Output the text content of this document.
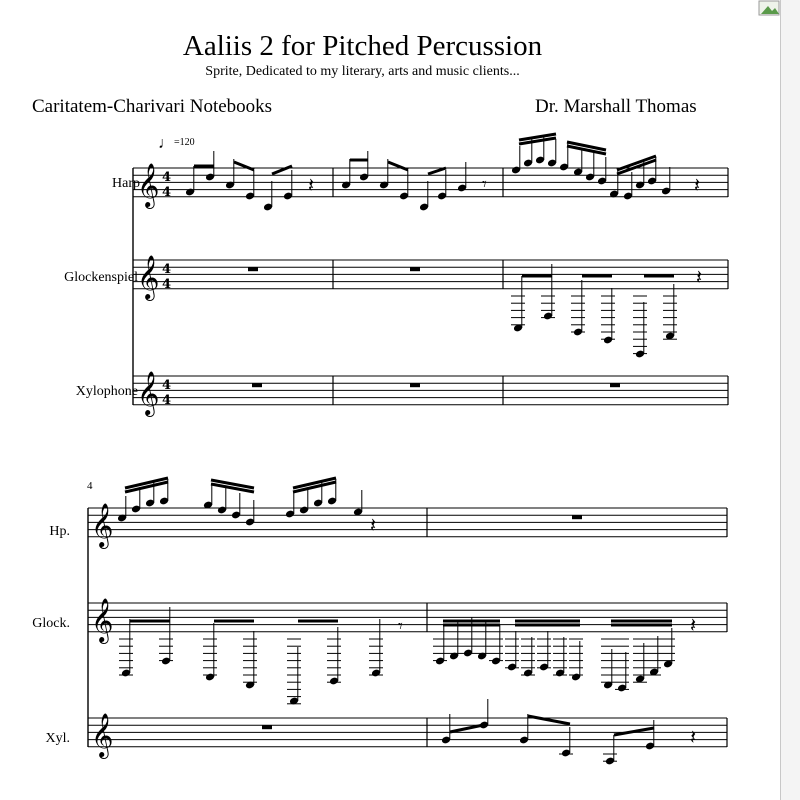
Aaliis 2 for Pitched Percussion
Sprite, Dedicated to my literary, arts and music clients...
Caritatem-Charivari Notebooks	Dr. Marshall Thomas
♩=120
Harp
Glockenspiel
Xylophone
4
Hp.
Glock.
Xyl.
𝄞 4
4
𝄞 4
4
𝄞 4
4
𝄞
𝄞
𝄞
𝄽	𝄾	𝄽
𝄽
𝄽
𝄾	𝄽
𝄽
